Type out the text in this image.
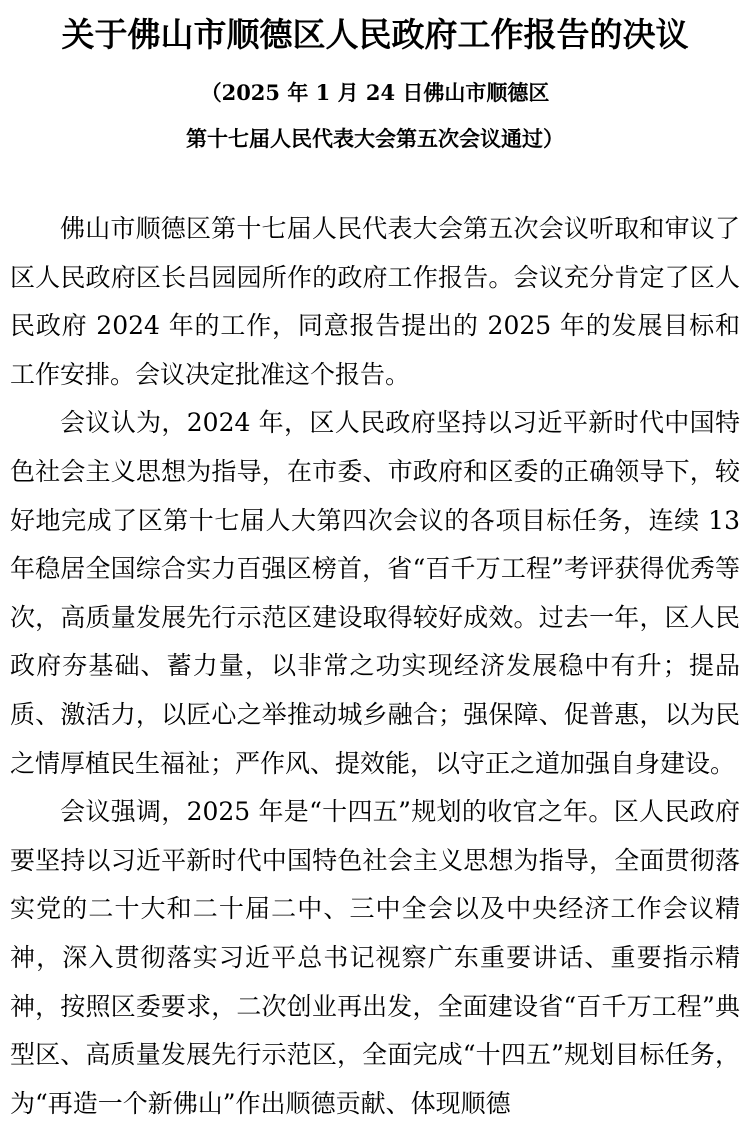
关于佛山市顺德区人民政府工作报告的决议
（2025 年 1 月 24 日佛山市顺德区
第十七届人民代表大会第五次会议通过）

佛山市顺德区第十七届人民代表大会第五次会议听取和审议了区人民政府区长吕园园所作的政府工作报告。会议充分肯定了区人民政府 2024 年的工作，同意报告提出的 2025 年的发展目标和工作安排。会议决定批准这个报告。

会议认为，2024 年，区人民政府坚持以习近平新时代中国特色社会主义思想为指导，在市委、市政府和区委的正确领导下，较好地完成了区第十七届人大第四次会议的各项目标任务，连续 13 年稳居全国综合实力百强区榜首，省“百千万工程”考评获得优秀等次，高质量发展先行示范区建设取得较好成效。过去一年，区人民政府夯基础、蓄力量，以非常之功实现经济发展稳中有升；提品质、激活力，以匠心之举推动城乡融合；强保障、促普惠，以为民之情厚植民生福祉；严作风、提效能，以守正之道加强自身建设。

会议强调，2025 年是“十四五”规划的收官之年。区人民政府要坚持以习近平新时代中国特色社会主义思想为指导，全面贯彻落实党的二十大和二十届二中、三中全会以及中央经济工作会议精神，深入贯彻落实习近平总书记视察广东重要讲话、重要指示精神，按照区委要求，二次创业再出发，全面建设省“百千万工程”典型区、高质量发展先行示范区，全面完成“十四五”规划目标任务，为“再造一个新佛山”作出顺德贡献、体现顺德
